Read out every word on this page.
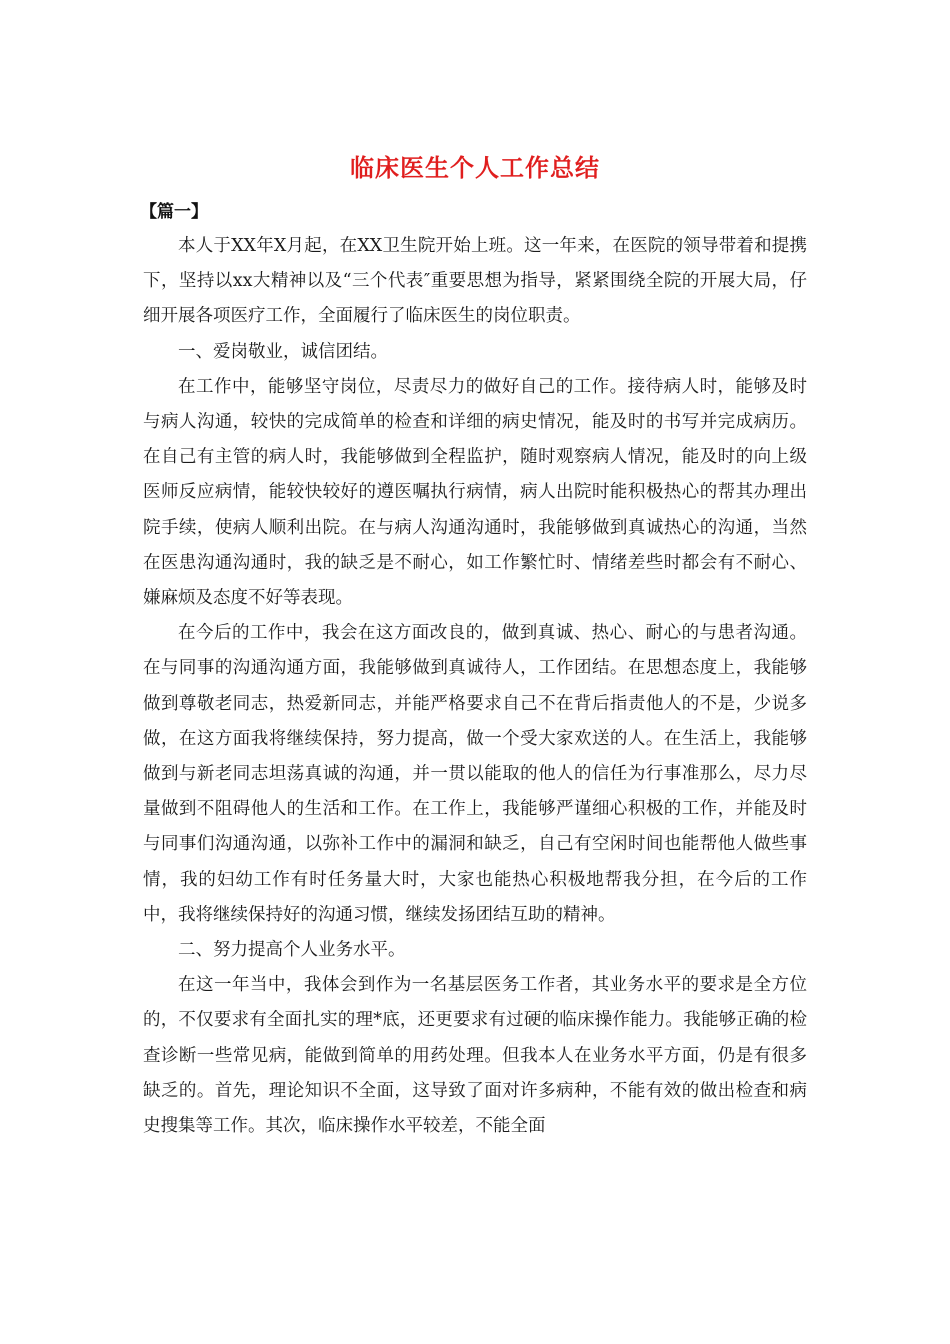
临床医生个人工作总结
【篇一】

本人于XX年X月起，在XX卫生院开始上班。这一年来，在医院的领导带着和提携下，坚持以xx大精神以及“三个代表″重要思想为指导，紧紧围绕全院的开展大局，仔细开展各项医疗工作，全面履行了临床医生的岗位职责。

一、爱岗敬业，诚信团结。

在工作中，能够坚守岗位，尽责尽力的做好自己的工作。接待病人时，能够及时与病人沟通，较快的完成简单的检查和详细的病史情况，能及时的书写并完成病历。在自己有主管的病人时，我能够做到全程监护，随时观察病人情况，能及时的向上级医师反应病情，能较快较好的遵医嘱执行病情，病人出院时能积极热心的帮其办理出院手续，使病人顺利出院。在与病人沟通沟通时，我能够做到真诚热心的沟通，当然在医患沟通沟通时，我的缺乏是不耐心，如工作繁忙时、情绪差些时都会有不耐心、嫌麻烦及态度不好等表现。

在今后的工作中，我会在这方面改良的，做到真诚、热心、耐心的与患者沟通。在与同事的沟通沟通方面，我能够做到真诚待人，工作团结。在思想态度上，我能够做到尊敬老同志，热爱新同志，并能严格要求自己不在背后指责他人的不是，少说多做，在这方面我将继续保持，努力提高，做一个受大家欢送的人。在生活上，我能够做到与新老同志坦荡真诚的沟通，并一贯以能取的他人的信任为行事准那么，尽力尽量做到不阻碍他人的生活和工作。在工作上，我能够严谨细心积极的工作，并能及时与同事们沟通沟通，以弥补工作中的漏洞和缺乏，自己有空闲时间也能帮他人做些事情，我的妇幼工作有时任务量大时，大家也能热心积极地帮我分担，在今后的工作中，我将继续保持好的沟通习惯，继续发扬团结互助的精神。

二、努力提高个人业务水平。

在这一年当中，我体会到作为一名基层医务工作者，其业务水平的要求是全方位的，不仅要求有全面扎实的理*底，还更要求有过硬的临床操作能力。我能够正确的检查诊断一些常见病，能做到简单的用药处理。但我本人在业务水平方面，仍是有很多缺乏的。首先，理论知识不全面，这导致了面对许多病种，不能有效的做出检查和病史搜集等工作。其次，临床操作水平较差，不能全面
